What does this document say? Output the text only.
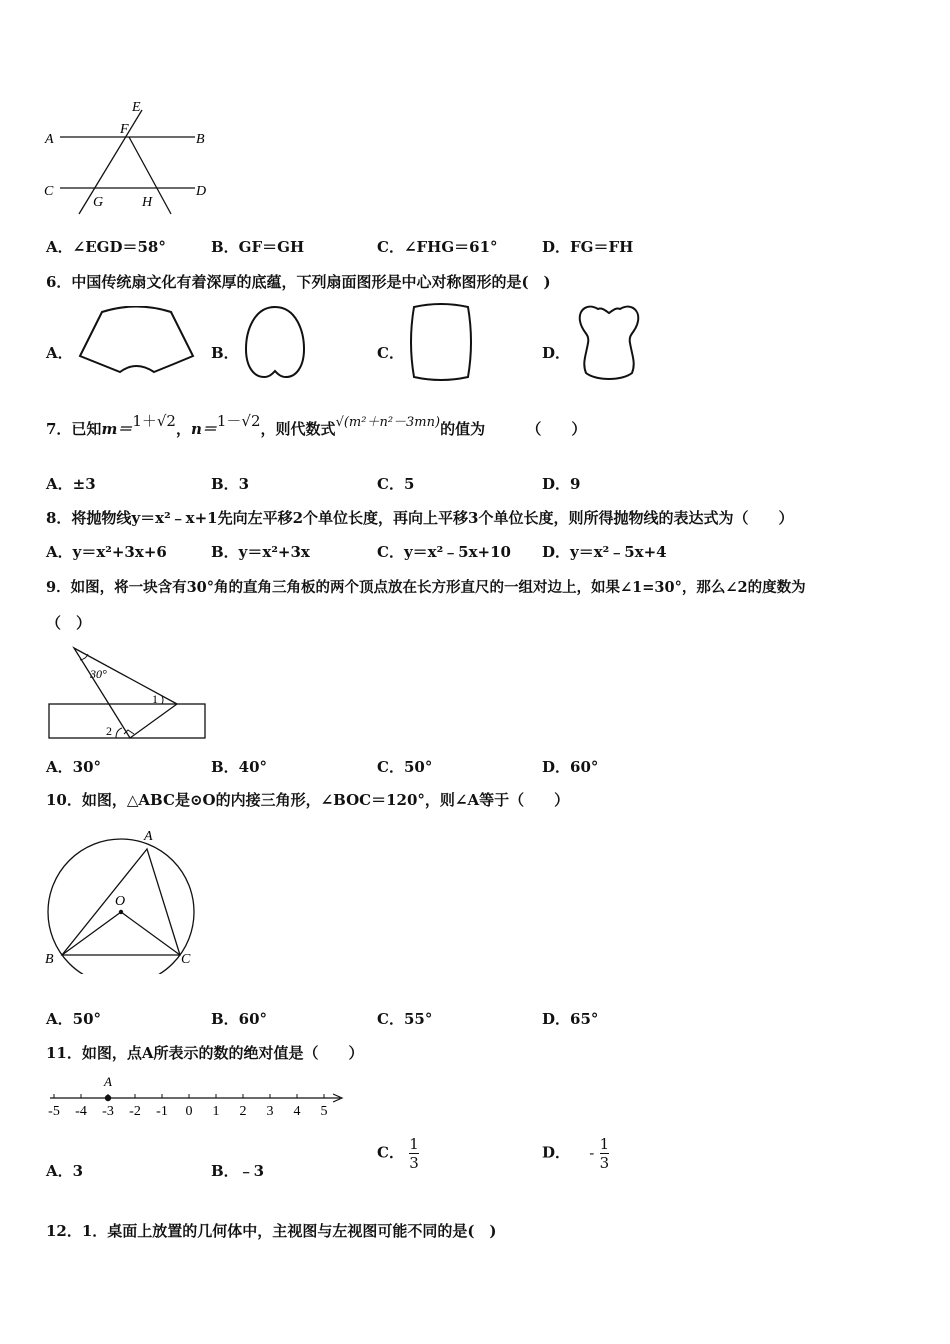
A	B
C	D
E
F
G	H
A．∠EGD＝58°	B．GF＝GH	C．∠FHG＝61°	D．FG＝FH
6．中国传统扇文化有着深厚的底蕴，下列扇面图形是中心对称图形的是(　)
A．	B．	C．	D．
7．已知m＝1＋√2，n＝1－√2，则代数式√(m²＋n²－3mn)的值为	（　　）
A．±3	B．3	C．5	D．9
8．将抛物线y＝x²﹣x+1先向左平移2个单位长度，再向上平移3个单位长度，则所得抛物线的表达式为（　　）
A．y＝x²+3x+6	B．y＝x²+3x	C．y＝x²﹣5x+10 D．y＝x²﹣5x+4
9．如图，将一块含有30°角的直角三角板的两个顶点放在长方形直尺的一组对边上，如果∠1=30°，那么∠2的度数为
（　）
30°
1
2
A．30°	B．40°	C．50°	D．60°
10．如图，△ABC是⊙O的内接三角形，∠BOC＝120°，则∠A等于（　　）
A
B	C
O
A．50°	B．60°	C．55°	D．65°
11．如图，点A所表示的数的绝对值是（　　）
-5 -4 -3 -2 -1 0 1 2 3 4 5
A
A．3	B．﹣3
C． $\frac{1}{3}$	D． - $\frac{1}{3}$
12．1．桌面上放置的几何体中，主视图与左视图可能不同的是(　)
